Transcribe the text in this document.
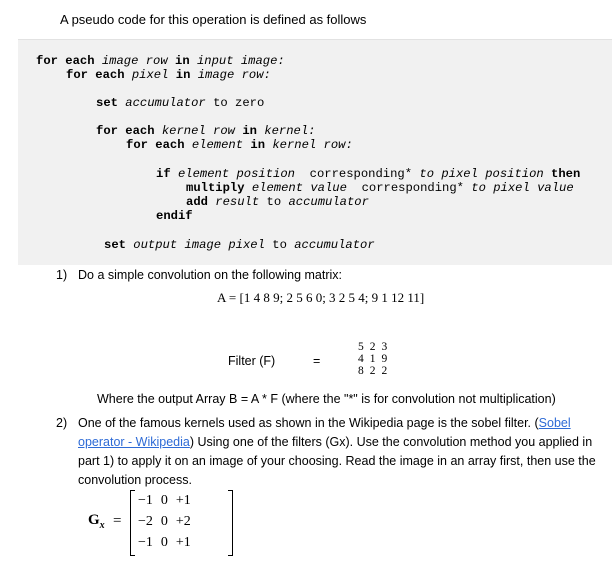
A pseudo code for this operation is defined as follows
for each image row in input image:
for each pixel in image row:
set accumulator to zero
for each kernel row in kernel:
for each element in kernel row:
if element position corresponding* to pixel position then
multiply element value corresponding* to pixel value
add result to accumulator
endif
set output image pixel to accumulator
1) Do a simple convolution on the following matrix:
A = [1 4 8 9; 2 5 6 0; 3 2 5 4; 9 1 12 11]
Filter (F)	=
5	2	3
4	1	9
8	2	2
Where the output Array B = A * F (where the "*" is for convolution not multiplication)
2) One of the famous kernels used as shown in the Wikipedia page is the sobel filter. (Sobel
operator - Wikipedia) Using one of the filters (Gx). Use the convolution method you applied in
part 1) to apply it on an image of your choosing. Read the image in an array first, then use the
convolution process.
$G_x$ =
−1	0	+1
−2	0	+2
−1	0	+1
